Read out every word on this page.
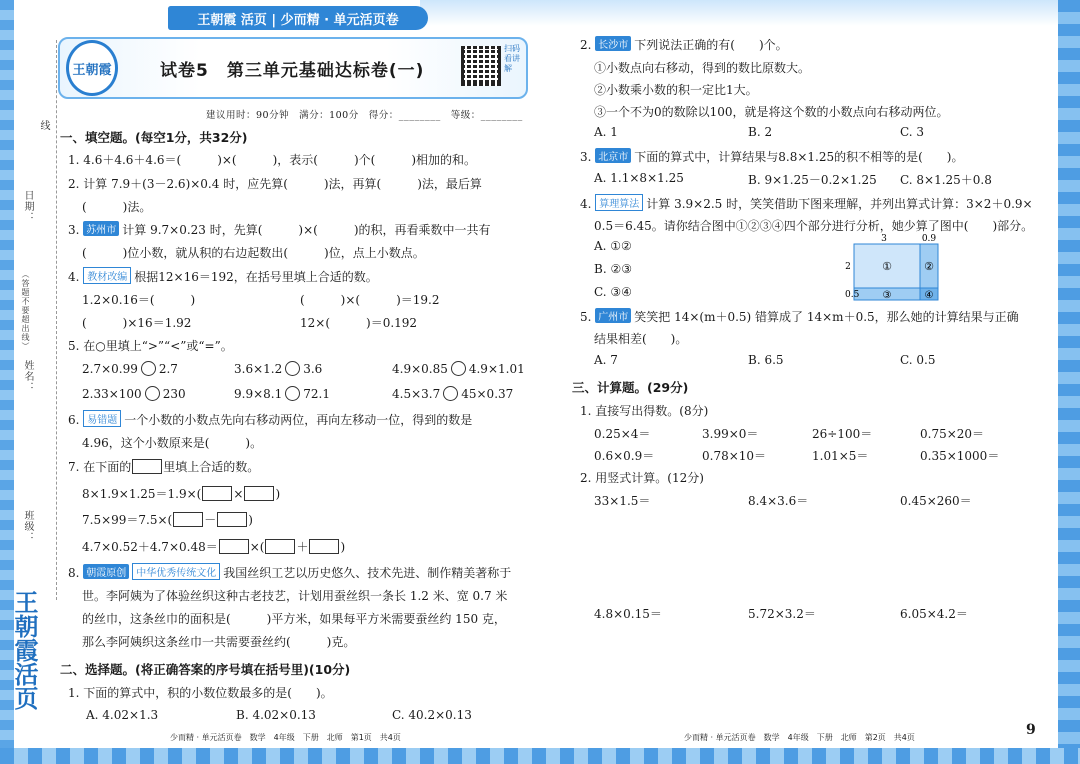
王朝霞 活页 | 少而精 · 单元活页卷
日期：
（答题不要超出线）
姓名：
班级：
线
王朝霞活页
王朝霞	试卷5　第三单元基础达标卷(一)
扫码看讲解
建议用时：90分钟　满分：100分　得分：________　等级：________
一、填空题。(每空1分，共32分)
1. 4.6＋4.6＋4.6＝(　　　)×(　　　)，表示(　　　)个(　　　)相加的和。
2. 计算 7.9＋(3－2.6)×0.4 时，应先算(　　　)法，再算(　　　)法，最后算
(　　　)法。
3. 苏州市 计算 9.7×0.23 时，先算(　　　)×(　　　)的积，再看乘数中一共有
(　　　)位小数，就从积的右边起数出(　　　)位，点上小数点。
4. 教材改编 根据12×16＝192，在括号里填上合适的数。
1.2×0.16＝(　　　)	(　　　)×(　　　)＝19.2
(　　　)×16＝1.92	12×(　　　)＝0.192
5. 在○里填上“>”“<”或“=”。
2.7×0.99 2.7	3.6×1.2 3.6	4.9×0.85 4.9×1.01
2.33×100 230	9.9×8.1 72.1	4.5×3.7 45×0.37
6. 易错题 一个小数的小数点先向右移动两位，再向左移动一位，得到的数是
4.96，这个小数原来是(　　　)。
7. 在下面的	里填上合适的数。
8×1.9×1.25＝1.9×(	×	)
7.5×99＝7.5×(	－	)
4.7×0.52＋4.7×0.48＝	×(	＋	)
8. 朝霞原创 中华优秀传统文化 我国丝织工艺以历史悠久、技术先进、制作精美著称于
世。李阿姨为了体验丝织这种古老技艺，计划用蚕丝织一条长 1.2 米、宽 0.7 米
的丝巾，这条丝巾的面积是(　　　)平方米，如果每平方米需要蚕丝约 150 克，
那么李阿姨织这条丝巾一共需要蚕丝约(　　　)克。
二、选择题。(将正确答案的序号填在括号里)(10分)
1. 下面的算式中，积的小数位数最多的是(　　)。
A. 4.02×1.3	B. 4.02×0.13	C. 40.2×0.13
2. 长沙市 下列说法正确的有(　　)个。
①小数点向右移动，得到的数比原数大。
②小数乘小数的积一定比1大。
③一个不为0的数除以100，就是将这个数的小数点向右移动两位。
A. 1	B. 2	C. 3
3. 北京市 下面的算式中，计算结果与8.8×1.25的积不相等的是(　　)。
A. 1.1×8×1.25	B. 9×1.25－0.2×1.25 C. 8×1.25＋0.8
4. 算理算法 计算 3.9×2.5 时，笑笑借助下图来理解，并列出算式计算：3×2＋0.9×
0.5＝6.45。请你结合图中①②③④四个部分进行分析，她少算了图中(　　)部分。
A. ①②
B. ②③
C. ③④
3	0.9
2
0.5
①	②
③	④
5. 广州市 笑笑把 14×(m＋0.5) 错算成了 14×m＋0.5，那么她的计算结果与正确
结果相差(　　)。
A. 7	B. 6.5	C. 0.5
三、计算题。(29分)
1. 直接写出得数。(8分)
0.25×4＝	3.99×0＝	26÷100＝	0.75×20＝
0.6×0.9＝	0.78×10＝	1.01×5＝	0.35×1000＝
2. 用竖式计算。(12分)
33×1.5＝	8.4×3.6＝	0.45×260＝
4.8×0.15＝	5.72×3.2＝	6.05×4.2＝
少而精 · 单元活页卷　数学　4年级　下册　北师　第1页　共4页	少而精 · 单元活页卷　数学　4年级　下册　北师　第2页　共4页	9
